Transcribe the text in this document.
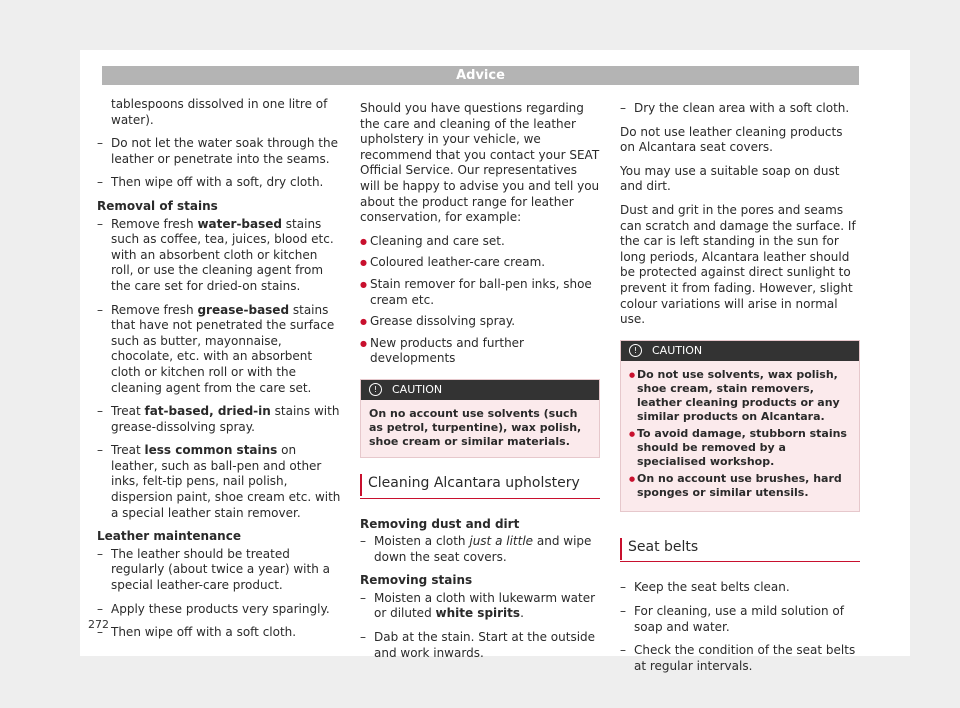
Advice
272

tablespoons dissolved in one litre of water).

– Do not let the water soak through the leather or penetrate into the seams.
– Then wipe off with a soft, dry cloth.
Removal of stains
– Remove fresh water-based stains such as coffee, tea, juices, blood etc. with an absorbent cloth or kitchen roll, or use the cleaning agent from the care set for dried-on stains.
– Remove fresh grease-based stains that have not penetrated the surface such as butter, mayonnaise, chocolate, etc. with an absorbent cloth or kitchen roll or with the cleaning agent from the care set.
– Treat fat-based, dried-in stains with grease-dissolving spray.
– Treat less common stains on leather, such as ball-pen and other inks, felt-tip pens, nail polish, dispersion paint, shoe cream etc. with a special leather stain remover.
Leather maintenance
– The leather should be treated regularly (about twice a year) with a special leather-care product.
– Apply these products very sparingly.
– Then wipe off with a soft cloth.

Should you have questions regarding the care and cleaning of the leather upholstery in your vehicle, we recommend that you contact your SEAT Official Service. Our representatives will be happy to advise you and tell you about the product range for leather conservation, for example:

● Cleaning and care set.
● Coloured leather-care cream.
● Stain remover for ball-pen inks, shoe cream etc.
● Grease dissolving spray.
● New products and further developments
! CAUTION
On no account use solvents (such as petrol, turpentine), wax polish, shoe cream or similar materials.
Cleaning Alcantara upholstery
Removing dust and dirt
– Moisten a cloth just a little and wipe down the seat covers.
Removing stains
– Moisten a cloth with lukewarm water or diluted white spirits.
– Dab at the stain. Start at the outside and work inwards.
– Dry the clean area with a soft cloth.

Do not use leather cleaning products on Alcantara seat covers.

You may use a suitable soap on dust and dirt.

Dust and grit in the pores and seams can scratch and damage the surface. If the car is left standing in the sun for long periods, Alcantara leather should be protected against direct sunlight to prevent it from fading. However, slight colour variations will arise in normal use.

! CAUTION
● Do not use solvents, wax polish, shoe cream, stain removers, leather cleaning products or any similar products on Alcantara.
● To avoid damage, stubborn stains should be removed by a specialised workshop.
● On no account use brushes, hard sponges or similar utensils.
Seat belts
– Keep the seat belts clean.
– For cleaning, use a mild solution of soap and water.
– Check the condition of the seat belts at regular intervals.
